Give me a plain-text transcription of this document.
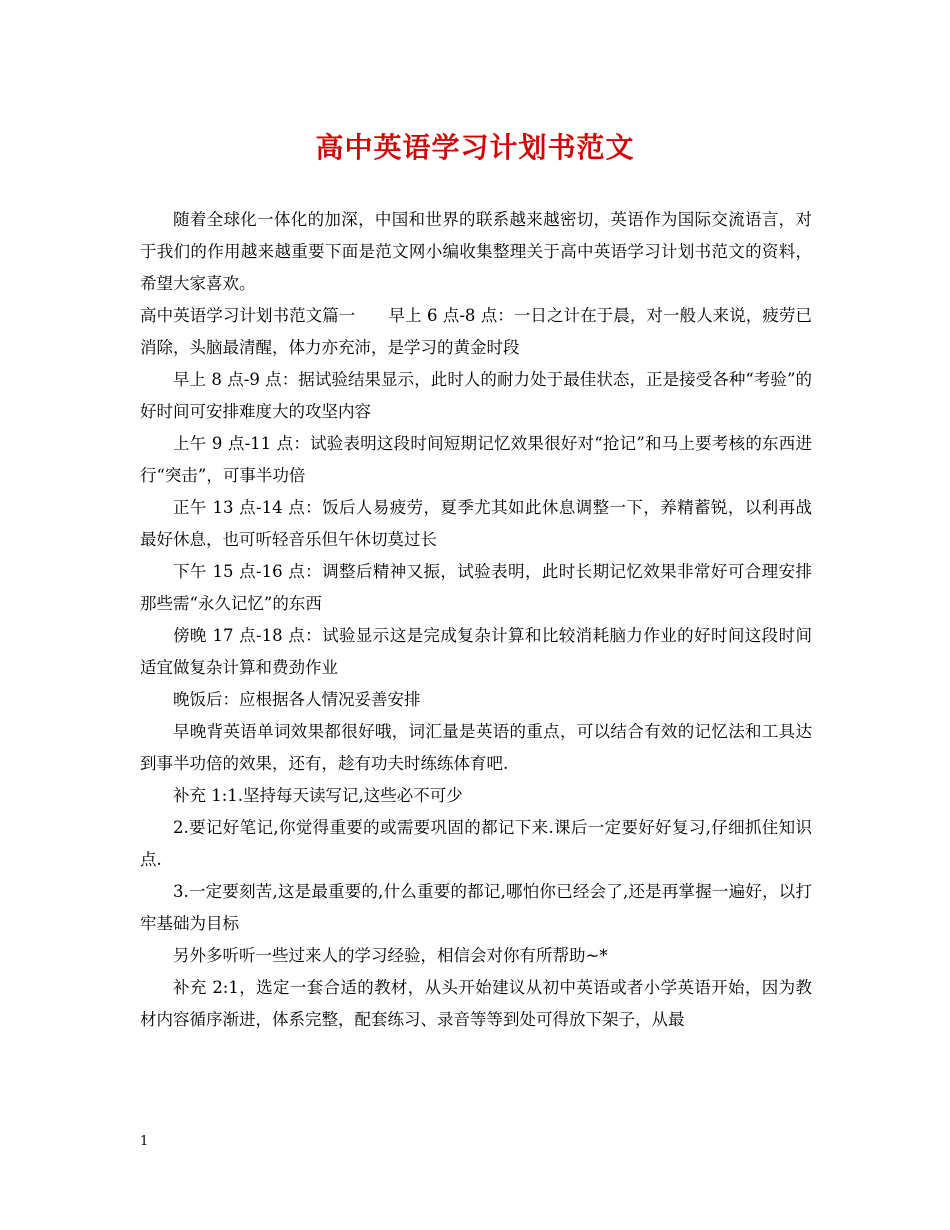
高中英语学习计划书范文

随着全球化一体化的加深，中国和世界的联系越来越密切，英语作为国际交流语言，对于我们的作用越来越重要下面是范文网小编收集整理关于高中英语学习计划书范文的资料，希望大家喜欢。

高中英语学习计划书范文篇一　　早上 6 点-8 点：一日之计在于晨，对一般人来说，疲劳已消除，头脑最清醒，体力亦充沛，是学习的黄金时段

早上 8 点-9 点：据试验结果显示，此时人的耐力处于最佳状态，正是接受各种“考验”的好时间可安排难度大的攻坚内容

上午 9 点-11 点：试验表明这段时间短期记忆效果很好对“抢记”和马上要考核的东西进行“突击”，可事半功倍

正午 13 点-14 点：饭后人易疲劳，夏季尤其如此休息调整一下，养精蓄锐，以利再战最好休息，也可听轻音乐但午休切莫过长

下午 15 点-16 点：调整后精神又振，试验表明，此时长期记忆效果非常好可合理安排那些需“永久记忆”的东西

傍晚 17 点-18 点：试验显示这是完成复杂计算和比较消耗脑力作业的好时间这段时间适宜做复杂计算和费劲作业

晚饭后：应根据各人情况妥善安排

早晚背英语单词效果都很好哦，词汇量是英语的重点，可以结合有效的记忆法和工具达到事半功倍的效果，还有，趁有功夫时练练体育吧.

补充 1:1.坚持每天读写记,这些必不可少

2.要记好笔记,你觉得重要的或需要巩固的都记下来.课后一定要好好复习,仔细抓住知识点.

3.一定要刻苦,这是最重要的,什么重要的都记,哪怕你已经会了,还是再掌握一遍好，以打牢基础为目标

另外多听听一些过来人的学习经验，相信会对你有所帮助~*

补充 2:1，选定一套合适的教材，从头开始建议从初中英语或者小学英语开始，因为教材内容循序渐进，体系完整，配套练习、录音等等到处可得放下架子，从最

1
